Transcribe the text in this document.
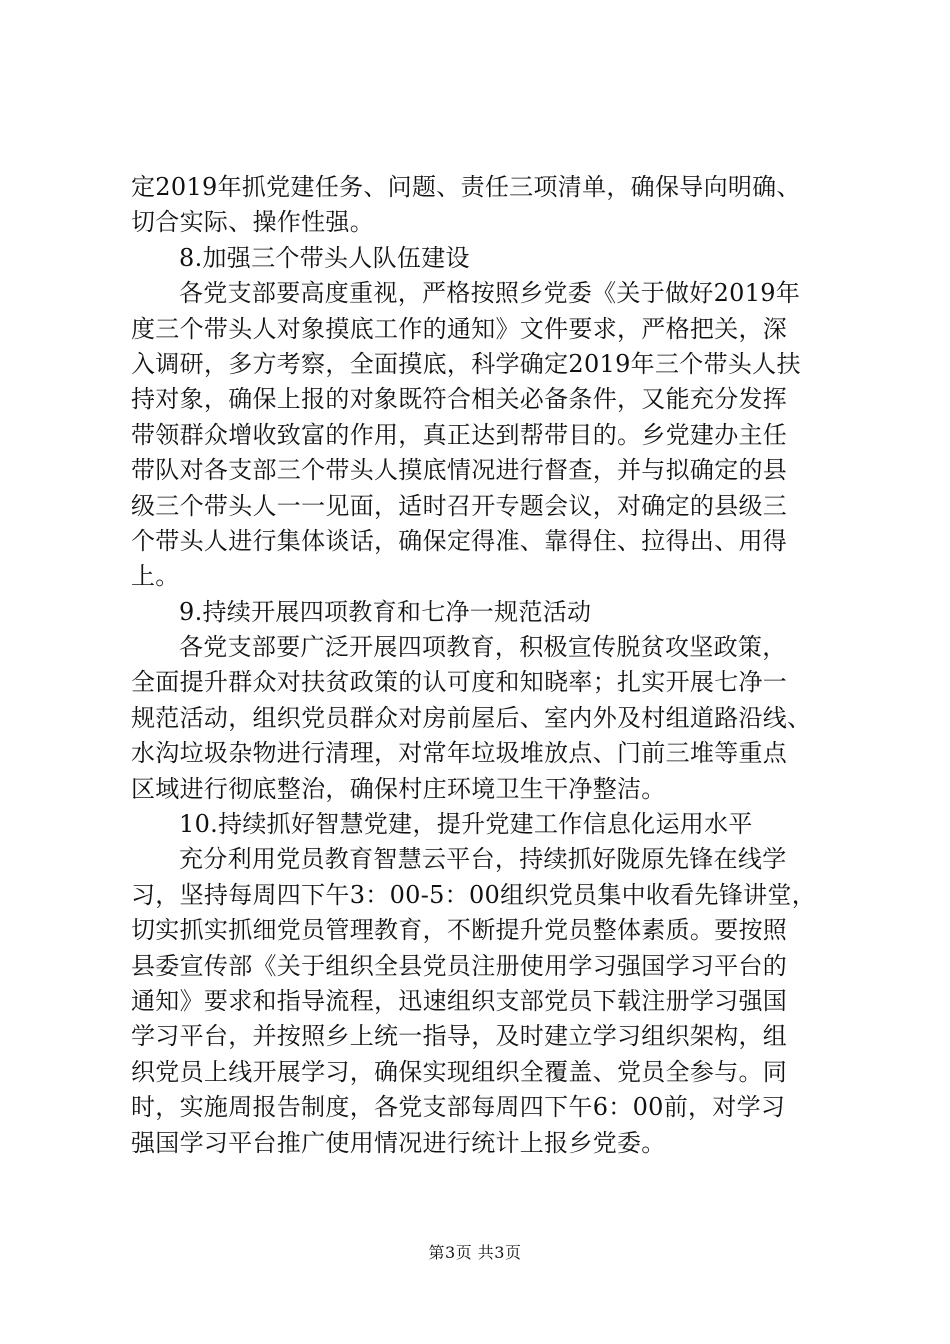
定2019年抓党建任务、问题、责任三项清单，确保导向明确、
切合实际、操作性强。
8.加强三个带头人队伍建设
各党支部要高度重视，严格按照乡党委《关于做好2019年
度三个带头人对象摸底工作的通知》文件要求，严格把关，深
入调研，多方考察，全面摸底，科学确定2019年三个带头人扶
持对象，确保上报的对象既符合相关必备条件，又能充分发挥
带领群众增收致富的作用，真正达到帮带目的。乡党建办主任
带队对各支部三个带头人摸底情况进行督查，并与拟确定的县
级三个带头人一一见面，适时召开专题会议，对确定的县级三
个带头人进行集体谈话，确保定得准、靠得住、拉得出、用得
上。
9.持续开展四项教育和七净一规范活动
各党支部要广泛开展四项教育，积极宣传脱贫攻坚政策，
全面提升群众对扶贫政策的认可度和知晓率；扎实开展七净一
规范活动，组织党员群众对房前屋后、室内外及村组道路沿线、
水沟垃圾杂物进行清理，对常年垃圾堆放点、门前三堆等重点
区域进行彻底整治，确保村庄环境卫生干净整洁。
10.持续抓好智慧党建，提升党建工作信息化运用水平
充分利用党员教育智慧云平台，持续抓好陇原先锋在线学
习，坚持每周四下午3：00-5：00组织党员集中收看先锋讲堂，
切实抓实抓细党员管理教育，不断提升党员整体素质。要按照
县委宣传部《关于组织全县党员注册使用学习强国学习平台的
通知》要求和指导流程，迅速组织支部党员下载注册学习强国
学习平台，并按照乡上统一指导，及时建立学习组织架构，组
织党员上线开展学习，确保实现组织全覆盖、党员全参与。同
时，实施周报告制度，各党支部每周四下午6：00前，对学习
强国学习平台推广使用情况进行统计上报乡党委。
第3页 共3页
